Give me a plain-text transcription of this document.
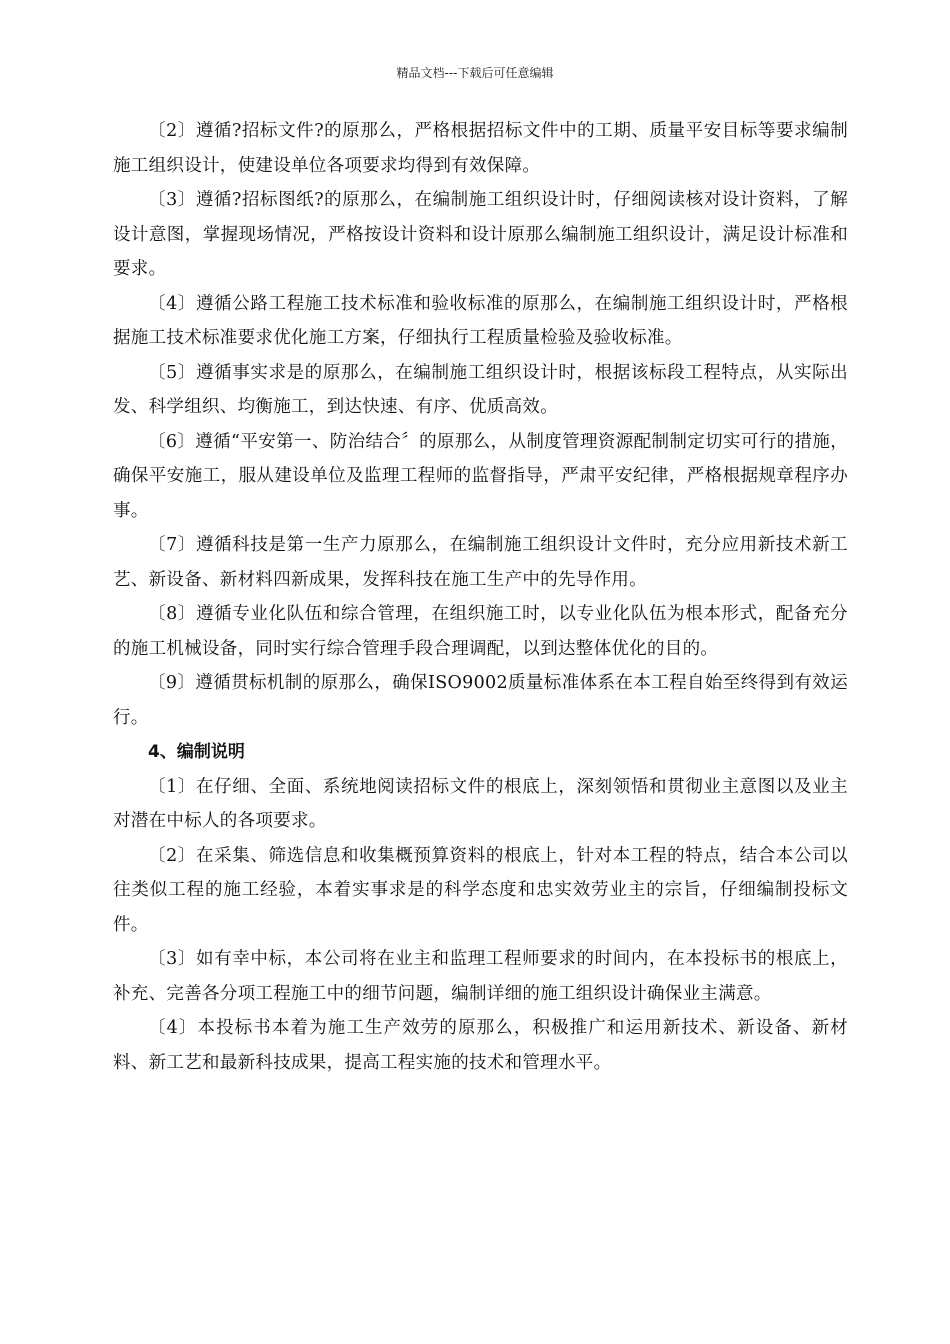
精品文档---下载后可任意编辑

〔2〕遵循?招标文件?的原那么，严格根据招标文件中的工期、质量平安目标等要求编制施工组织设计，使建设单位各项要求均得到有效保障。

〔3〕遵循?招标图纸?的原那么，在编制施工组织设计时，仔细阅读核对设计资料，了解设计意图，掌握现场情况，严格按设计资料和设计原那么编制施工组织设计，满足设计标准和要求。

〔4〕遵循公路工程施工技术标准和验收标准的原那么，在编制施工组织设计时，严格根据施工技术标准要求优化施工方案，仔细执行工程质量检验及验收标准。

〔5〕遵循事实求是的原那么，在编制施工组织设计时，根据该标段工程特点，从实际出发、科学组织、均衡施工，到达快速、有序、优质高效。

〔6〕遵循“平安第一、防治结合〞的原那么，从制度管理资源配制制定切实可行的措施，确保平安施工，服从建设单位及监理工程师的监督指导，严肃平安纪律，严格根据规章程序办事。

〔7〕遵循科技是第一生产力原那么，在编制施工组织设计文件时，充分应用新技术新工艺、新设备、新材料四新成果，发挥科技在施工生产中的先导作用。

〔8〕遵循专业化队伍和综合管理，在组织施工时，以专业化队伍为根本形式，配备充分的施工机械设备，同时实行综合管理手段合理调配，以到达整体优化的目的。

〔9〕遵循贯标机制的原那么，确保ISO9002质量标准体系在本工程自始至终得到有效运行。

4、编制说明

〔1〕在仔细、全面、系统地阅读招标文件的根底上，深刻领悟和贯彻业主意图以及业主对潜在中标人的各项要求。

〔2〕在采集、筛选信息和收集概预算资料的根底上，针对本工程的特点，结合本公司以往类似工程的施工经验，本着实事求是的科学态度和忠实效劳业主的宗旨，仔细编制投标文件。

〔3〕如有幸中标，本公司将在业主和监理工程师要求的时间内，在本投标书的根底上，补充、完善各分项工程施工中的细节问题，编制详细的施工组织设计确保业主满意。

〔4〕本投标书本着为施工生产效劳的原那么，积极推广和运用新技术、新设备、新材料、新工艺和最新科技成果，提高工程实施的技术和管理水平。
